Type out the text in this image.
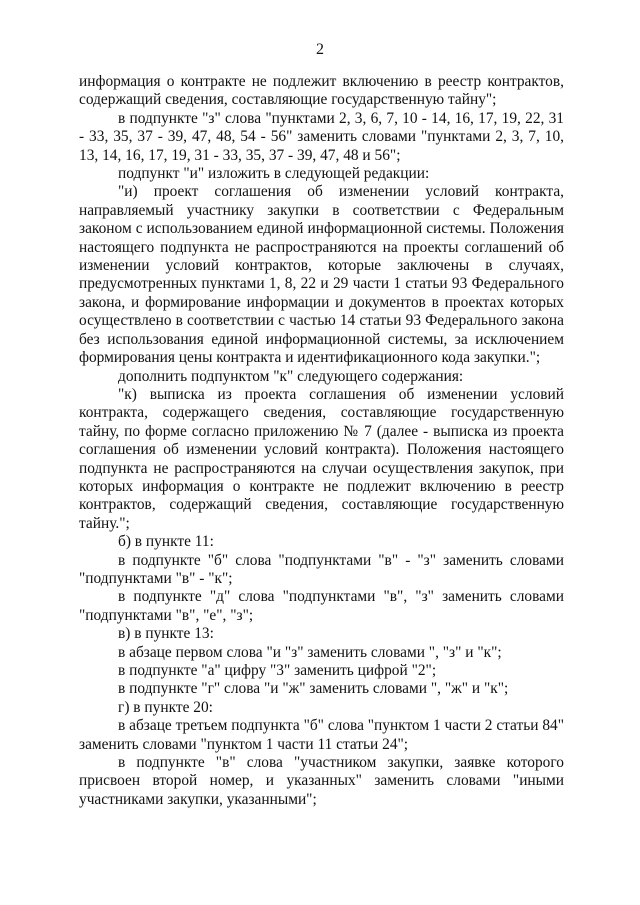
2

информация о контракте не подлежит включению в реестр контрактов, содержащий сведения, составляющие государственную тайну";

в подпункте "з" слова "пунктами 2, 3, 6, 7, 10 - 14, 16, 17, 19, 22, 31 - 33, 35, 37 - 39, 47, 48, 54 - 56" заменить словами "пунктами 2, 3, 7, 10, 13, 14, 16, 17, 19, 31 - 33, 35, 37 - 39, 47, 48 и 56";

подпункт "и" изложить в следующей редакции:

"и) проект соглашения об изменении условий контракта, направляемый участнику закупки в соответствии с Федеральным законом с использованием единой информационной системы. Положения настоящего подпункта не распространяются на проекты соглашений об изменении условий контрактов, которые заключены в случаях, предусмотренных пунктами 1, 8, 22 и 29 части 1 статьи 93 Федерального закона, и формирование информации и документов в проектах которых осуществлено в соответствии с частью 14 статьи 93 Федерального закона без использования единой информационной системы, за исключением формирования цены контракта и идентификационного кода закупки.";

дополнить подпунктом "к" следующего содержания:

"к) выписка из проекта соглашения об изменении условий контракта, содержащего сведения, составляющие государственную тайну, по форме согласно приложению № 7 (далее - выписка из проекта соглашения об изменении условий контракта). Положения настоящего подпункта не распространяются на случаи осуществления закупок, при которых информация о контракте не подлежит включению в реестр контрактов, содержащий сведения, составляющие государственную тайну.";

б) в пункте 11:

в подпункте "б" слова "подпунктами "в" - "з" заменить словами "подпунктами "в" - "к";

в подпункте "д" слова "подпунктами "в", "з" заменить словами "подпунктами "в", "е", "з";

в) в пункте 13:

в абзаце первом слова "и "з" заменить словами ", "з" и "к";

в подпункте "а" цифру "3" заменить цифрой "2";

в подпункте "г" слова "и "ж" заменить словами ", "ж" и "к";

г) в пункте 20:

в абзаце третьем подпункта "б" слова "пунктом 1 части 2 статьи 84" заменить словами "пунктом 1 части 11 статьи 24";

в подпункте "в" слова "участником закупки, заявке которого присвоен второй номер, и указанных" заменить словами "иными участниками закупки, указанными";
